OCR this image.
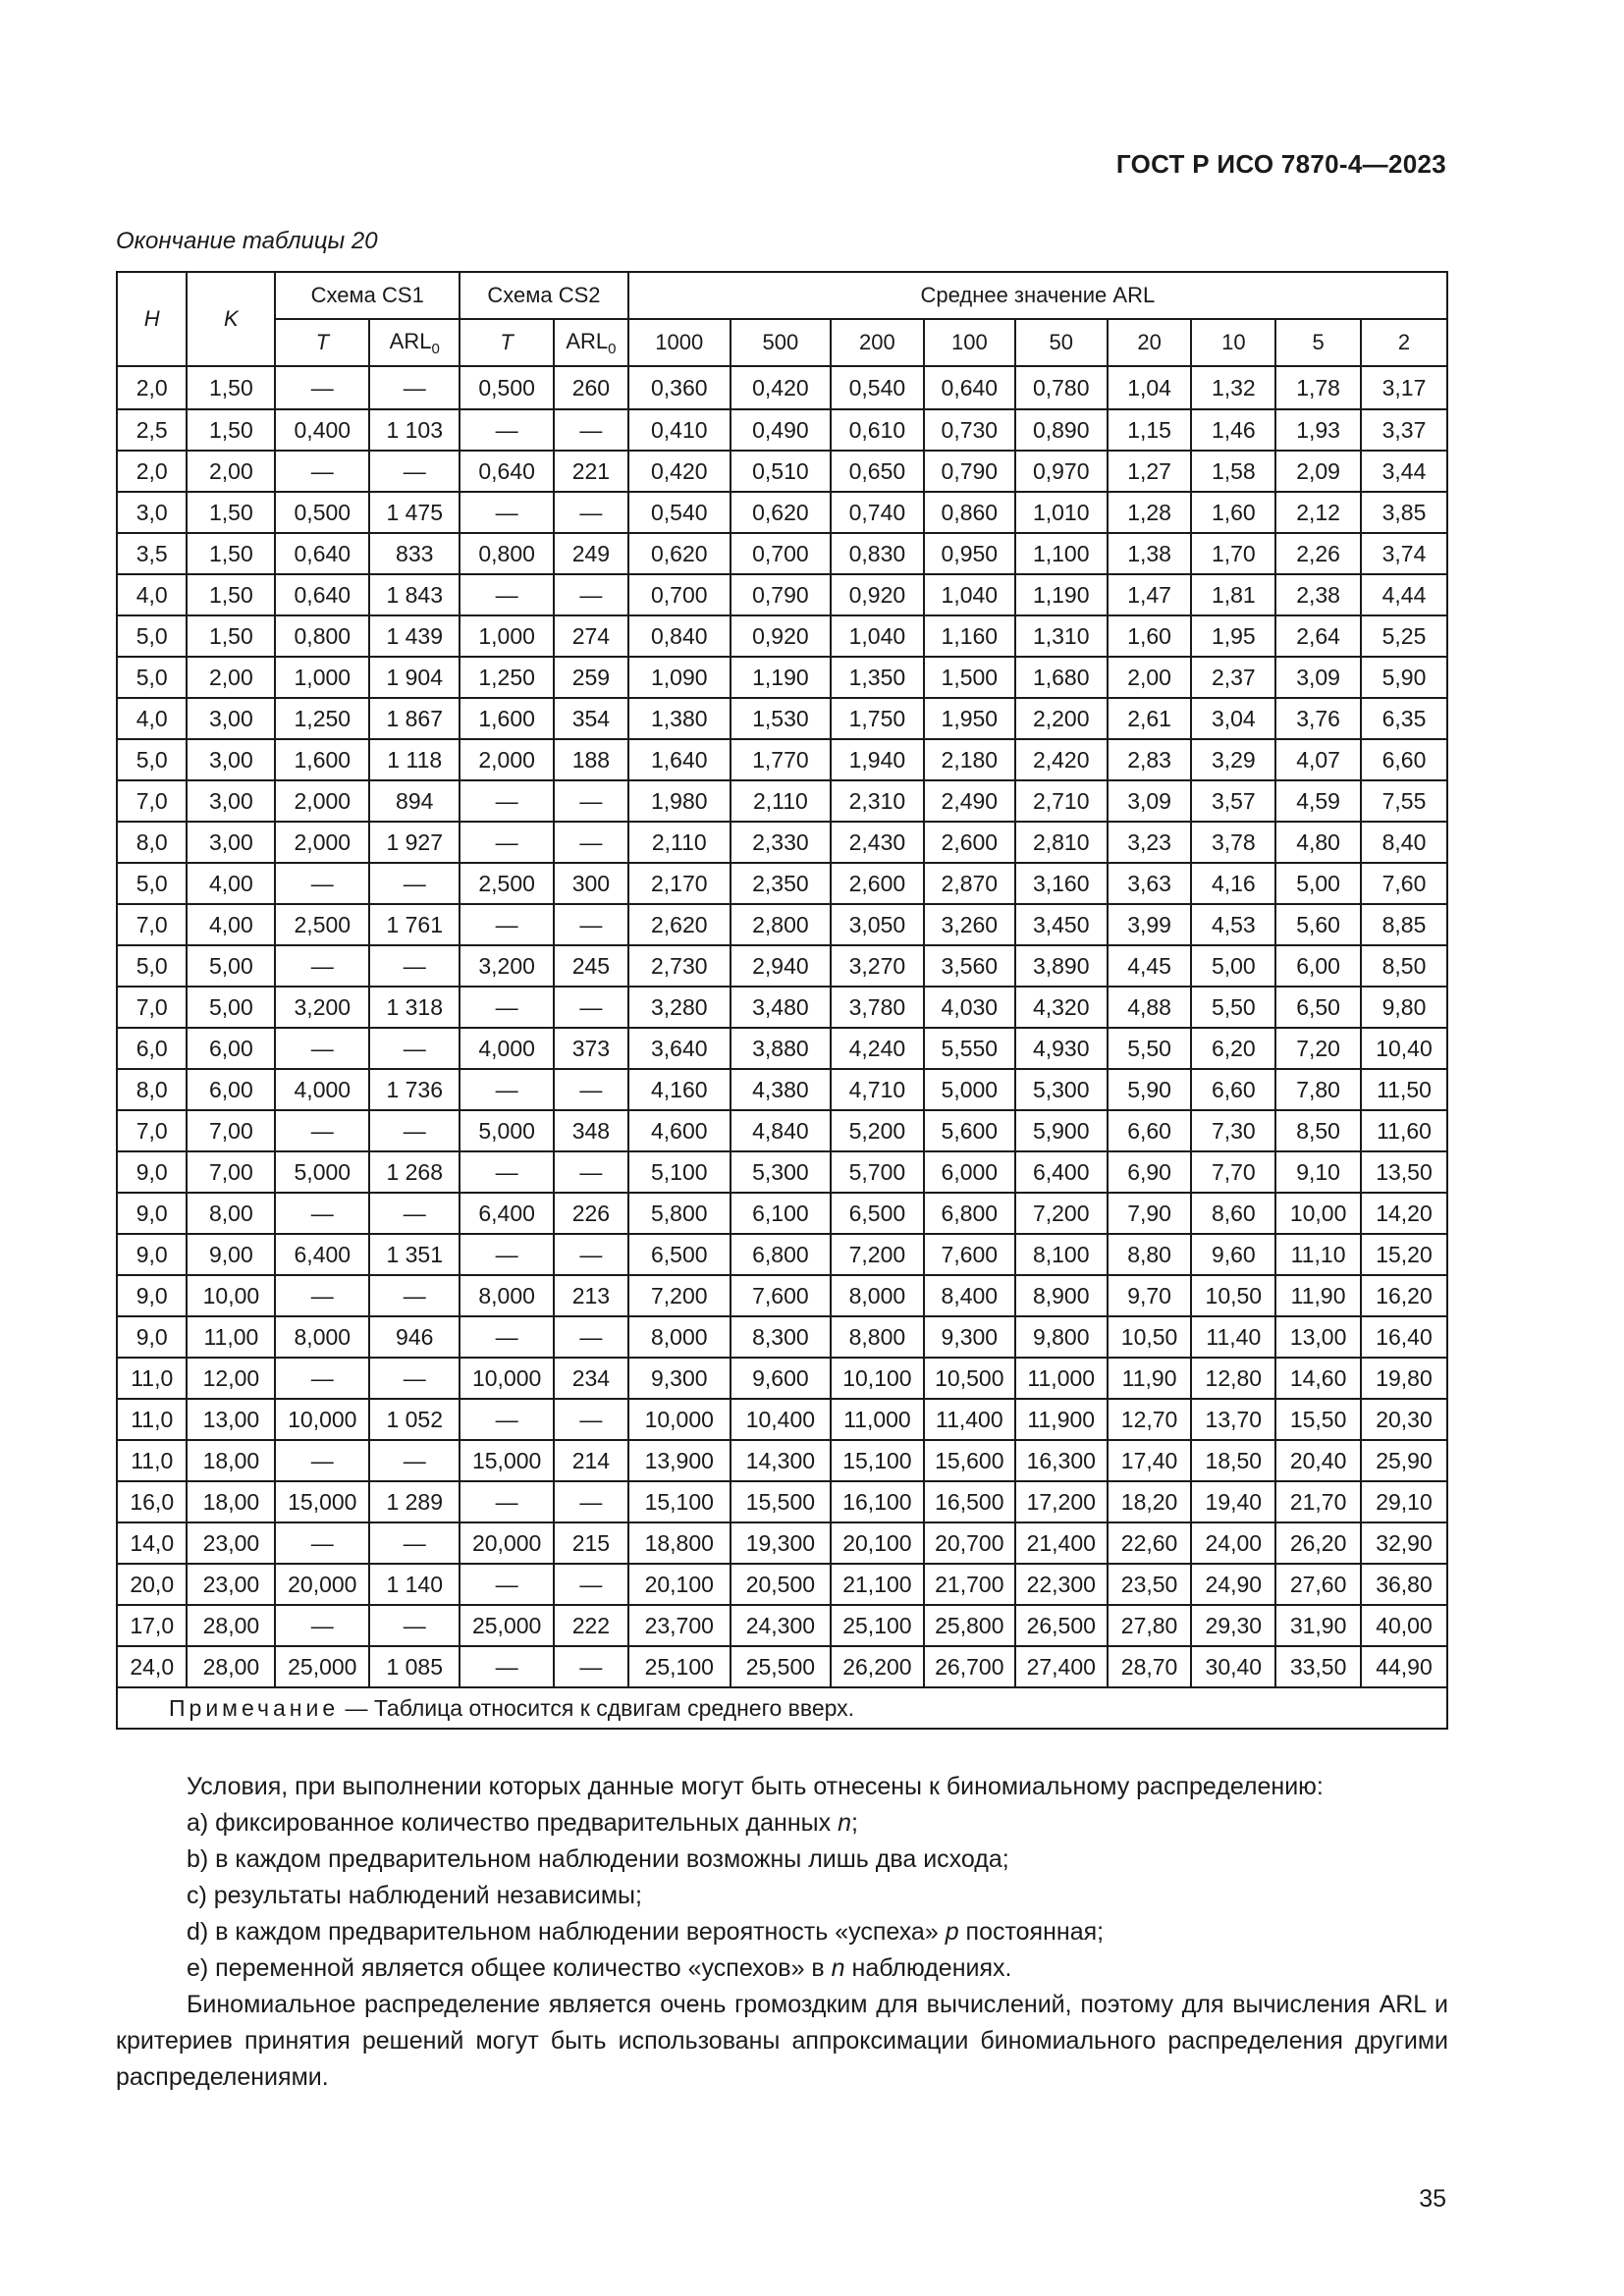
ГОСТ Р ИСО 7870-4—2023
Окончание таблицы 20
H	K	Схема CS1		Схема CS2		Среднее значение ARL								
		T	$ARL_0$	T	$ARL_0$	1000	500	200	100	50	20	10	5	2
2,0	1,50	—	—	0,500	260	0,360	0,420	0,540	0,640	0,780	1,04	1,32	1,78	3,17
2,5	1,50	0,400	1 103	—	—	0,410	0,490	0,610	0,730	0,890	1,15	1,46	1,93	3,37
2,0	2,00	—	—	0,640	221	0,420	0,510	0,650	0,790	0,970	1,27	1,58	2,09	3,44
3,0	1,50	0,500	1 475	—	—	0,540	0,620	0,740	0,860	1,010	1,28	1,60	2,12	3,85
3,5	1,50	0,640	833	0,800	249	0,620	0,700	0,830	0,950	1,100	1,38	1,70	2,26	3,74
4,0	1,50	0,640	1 843	—	—	0,700	0,790	0,920	1,040	1,190	1,47	1,81	2,38	4,44
5,0	1,50	0,800	1 439	1,000	274	0,840	0,920	1,040	1,160	1,310	1,60	1,95	2,64	5,25
5,0	2,00	1,000	1 904	1,250	259	1,090	1,190	1,350	1,500	1,680	2,00	2,37	3,09	5,90
4,0	3,00	1,250	1 867	1,600	354	1,380	1,530	1,750	1,950	2,200	2,61	3,04	3,76	6,35
5,0	3,00	1,600	1 118	2,000	188	1,640	1,770	1,940	2,180	2,420	2,83	3,29	4,07	6,60
7,0	3,00	2,000	894	—	—	1,980	2,110	2,310	2,490	2,710	3,09	3,57	4,59	7,55
8,0	3,00	2,000	1 927	—	—	2,110	2,330	2,430	2,600	2,810	3,23	3,78	4,80	8,40
5,0	4,00	—	—	2,500	300	2,170	2,350	2,600	2,870	3,160	3,63	4,16	5,00	7,60
7,0	4,00	2,500	1 761	—	—	2,620	2,800	3,050	3,260	3,450	3,99	4,53	5,60	8,85
5,0	5,00	—	—	3,200	245	2,730	2,940	3,270	3,560	3,890	4,45	5,00	6,00	8,50
7,0	5,00	3,200	1 318	—	—	3,280	3,480	3,780	4,030	4,320	4,88	5,50	6,50	9,80
6,0	6,00	—	—	4,000	373	3,640	3,880	4,240	5,550	4,930	5,50	6,20	7,20	10,40
8,0	6,00	4,000	1 736	—	—	4,160	4,380	4,710	5,000	5,300	5,90	6,60	7,80	11,50
7,0	7,00	—	—	5,000	348	4,600	4,840	5,200	5,600	5,900	6,60	7,30	8,50	11,60
9,0	7,00	5,000	1 268	—	—	5,100	5,300	5,700	6,000	6,400	6,90	7,70	9,10	13,50
9,0	8,00	—	—	6,400	226	5,800	6,100	6,500	6,800	7,200	7,90	8,60	10,00	14,20
9,0	9,00	6,400	1 351	—	—	6,500	6,800	7,200	7,600	8,100	8,80	9,60	11,10	15,20
9,0	10,00	—	—	8,000	213	7,200	7,600	8,000	8,400	8,900	9,70	10,50	11,90	16,20
9,0	11,00	8,000	946	—	—	8,000	8,300	8,800	9,300	9,800	10,50	11,40	13,00	16,40
11,0	12,00	—	—	10,000	234	9,300	9,600	10,100	10,500	11,000	11,90	12,80	14,60	19,80
11,0	13,00	10,000	1 052	—	—	10,000	10,400	11,000	11,400	11,900	12,70	13,70	15,50	20,30
11,0	18,00	—	—	15,000	214	13,900	14,300	15,100	15,600	16,300	17,40	18,50	20,40	25,90
16,0	18,00	15,000	1 289	—	—	15,100	15,500	16,100	16,500	17,200	18,20	19,40	21,70	29,10
14,0	23,00	—	—	20,000	215	18,800	19,300	20,100	20,700	21,400	22,60	24,00	26,20	32,90
20,0	23,00	20,000	1 140	—	—	20,100	20,500	21,100	21,700	22,300	23,50	24,90	27,60	36,80
17,0	28,00	—	—	25,000	222	23,700	24,300	25,100	25,800	26,500	27,80	29,30	31,90	40,00
24,0	28,00	25,000	1 085	—	—	25,100	25,500	26,200	26,700	27,400	28,70	30,40	33,50	44,90
Примечание — Таблица относится к сдвигам среднего вверх.														

Условия, при выполнении которых данные могут быть отнесены к биномиальному распределению:

a) фиксированное количество предварительных данных n;

b) в каждом предварительном наблюдении возможны лишь два исхода;

c) результаты наблюдений независимы;

d) в каждом предварительном наблюдении вероятность «успеха» p постоянная;

e) переменной является общее количество «успехов» в n наблюдениях.

Биномиальное распределение является очень громоздким для вычислений, поэтому для вычисления ARL и критериев принятия решений могут быть использованы аппроксимации биномиального распределения другими распределениями.

35
